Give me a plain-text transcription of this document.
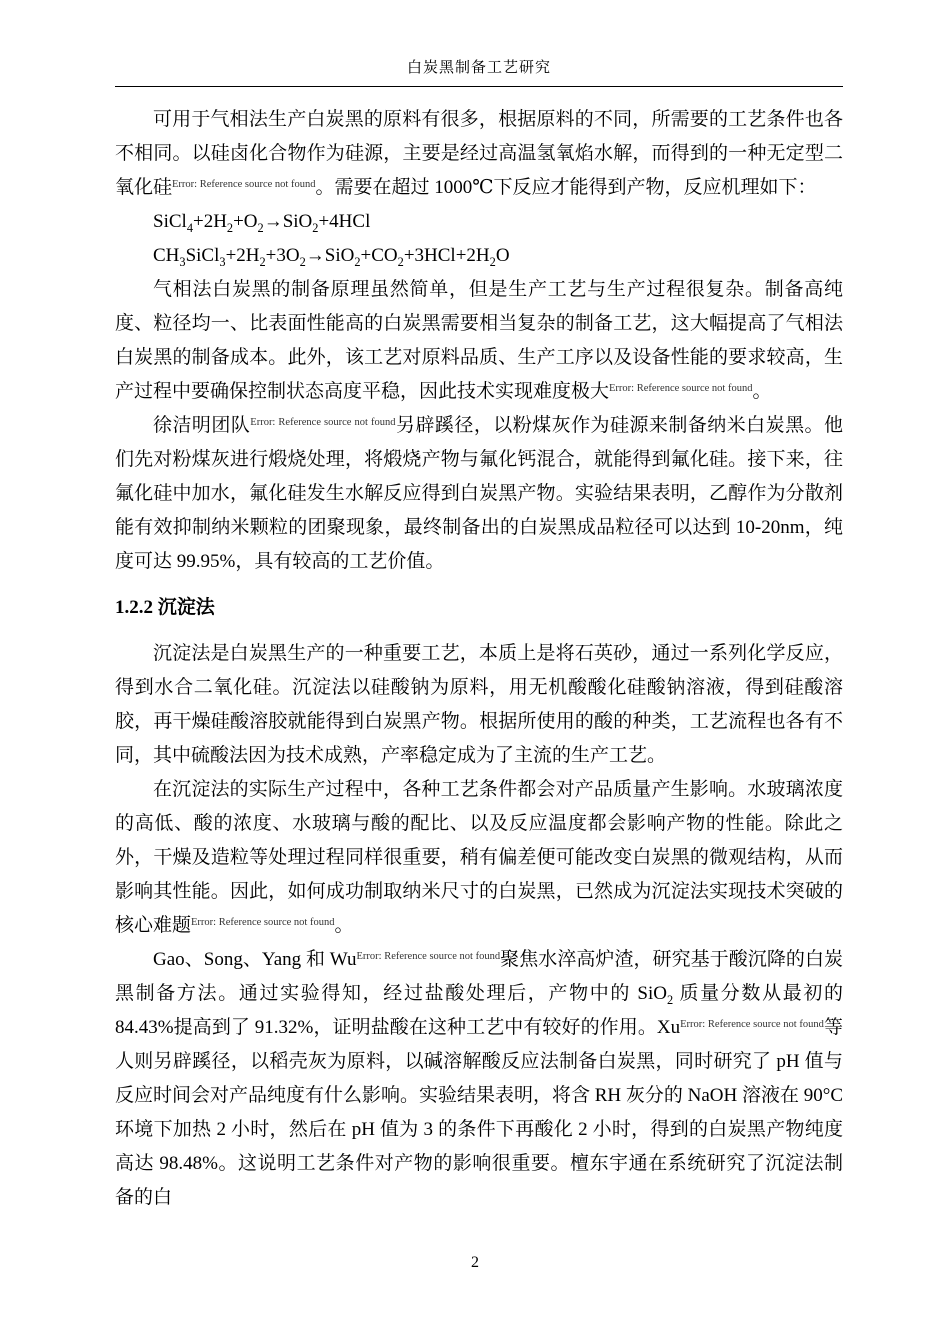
白炭黑制备工艺研究

可用于气相法生产白炭黑的原料有很多，根据原料的不同，所需要的工艺条件也各不相同。以硅卤化合物作为硅源，主要是经过高温氢氧焰水解，而得到的一种无定型二氧化硅$^{Error: Reference source not found}$。需要在超过 1000℃下反应才能得到产物，反应机理如下：

$SiCl_4+2H_2+O_2\to SiO_2+4HCl$

$CH_3SiCl_3+2H_2+3O_2\to SiO_2+CO_2+3HCl+2H_2O$

气相法白炭黑的制备原理虽然简单，但是生产工艺与生产过程很复杂。制备高纯度、粒径均一、比表面性能高的白炭黑需要相当复杂的制备工艺，这大幅提高了气相法白炭黑的制备成本。此外，该工艺对原料品质、生产工序以及设备性能的要求较高，生产过程中要确保控制状态高度平稳，因此技术实现难度极大$^{Error: Reference source not found}$。

徐洁明团队$^{Error: Reference source not found}$另辟蹊径，以粉煤灰作为硅源来制备纳米白炭黑。他们先对粉煤灰进行煅烧处理，将煅烧产物与氟化钙混合，就能得到氟化硅。接下来，往氟化硅中加水，氟化硅发生水解反应得到白炭黑产物。实验结果表明，乙醇作为分散剂能有效抑制纳米颗粒的团聚现象，最终制备出的白炭黑成品粒径可以达到 10-20nm，纯度可达 99.95%，具有较高的工艺价值。

1.2.2 沉淀法

沉淀法是白炭黑生产的一种重要工艺，本质上是将石英砂，通过一系列化学反应，得到水合二氧化硅。沉淀法以硅酸钠为原料，用无机酸酸化硅酸钠溶液，得到硅酸溶胶，再干燥硅酸溶胶就能得到白炭黑产物。根据所使用的酸的种类，工艺流程也各有不同，其中硫酸法因为技术成熟，产率稳定成为了主流的生产工艺。

在沉淀法的实际生产过程中，各种工艺条件都会对产品质量产生影响。水玻璃浓度的高低、酸的浓度、水玻璃与酸的配比、以及反应温度都会影响产物的性能。除此之外，干燥及造粒等处理过程同样很重要，稍有偏差便可能改变白炭黑的微观结构，从而影响其性能。因此，如何成功制取纳米尺寸的白炭黑，已然成为沉淀法实现技术突破的核心难题$^{Error: Reference source not found}$。

Gao、Song、Yang 和 Wu$^{Error: Reference source not found}$聚焦水淬高炉渣，研究基于酸沉降的白炭黑制备方法。通过实验得知，经过盐酸处理后，产物中的 SiO$_2$ 质量分数从最初的 84.43%提高到了 91.32%，证明盐酸在这种工艺中有较好的作用。Xu$^{Error: Reference source not found}$等人则另辟蹊径，以稻壳灰为原料，以碱溶解酸反应法制备白炭黑，同时研究了 pH 值与反应时间会对产品纯度有什么影响。实验结果表明，将含 RH 灰分的 NaOH 溶液在 90°C 环境下加热 2 小时，然后在 pH 值为 3 的条件下再酸化 2 小时，得到的白炭黑产物纯度高达 98.48%。这说明工艺条件对产物的影响很重要。檀东宇通在系统研究了沉淀法制备的白

2
